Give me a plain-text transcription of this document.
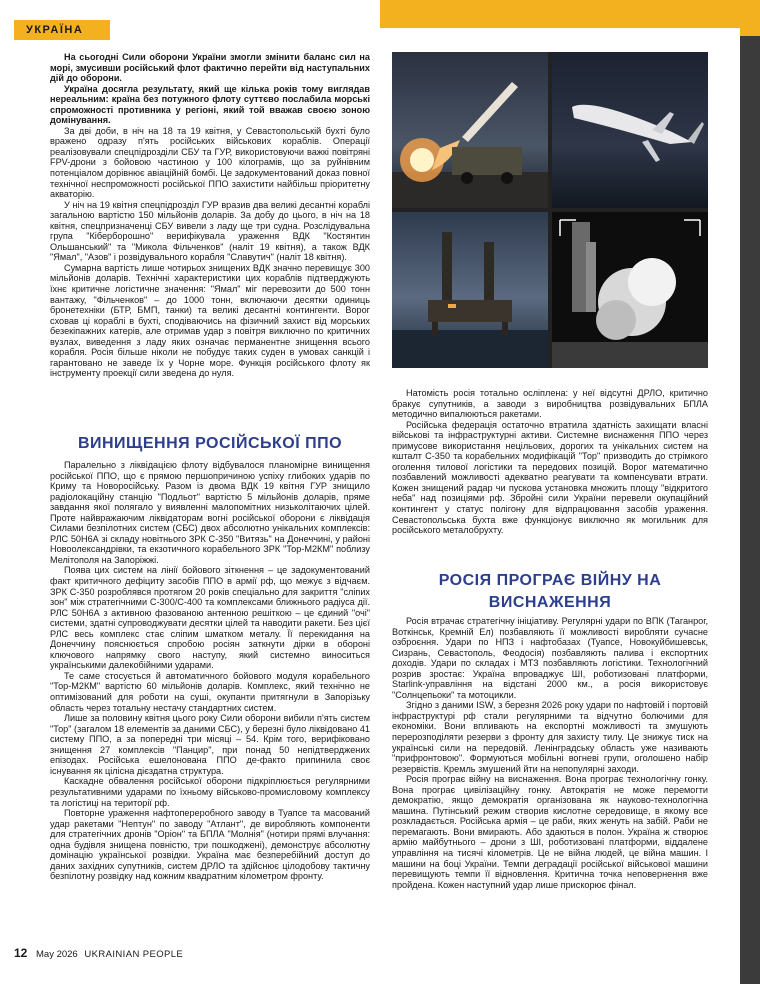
УКРАЇНА

На сьогодні Сили оборони України змогли змінити баланс сил на морі, змусивши російський флот фактично перейти від наступальних дій до оборони.

Україна досягла результату, який ще кілька років тому виглядав нереальним: країна без потужного флоту суттєво послабила морські спроможності противника у регіоні, який той вважав своєю зоною домінування.

За дві доби, в ніч на 18 та 19 квітня, у Севастопольській бухті було вражено одразу п'ять російських військових кораблів. Операції реалізовували спецпідрозділи СБУ та ГУР, використовуючи важкі повітряні FPV-дрони з бойовою частиною у 100 кілограмів, що за руйнівним потенціалом дорівнює авіаційній бомбі. Це задокументований доказ повної технічної неспроможності російської ППО захистити найбільш пріоритетну акваторію.

У ніч на 19 квітня спецпідрозділ ГУР вразив два великі десантні кораблі загальною вартістю 150 мільйонів доларів. За добу до цього, в ніч на 18 квітня, спецпризначенці СБУ вивели з ладу ще три судна. Розслідувальна група "Кіберборошно" верифікувала ураження ВДК "Костянтин Ольшанський" та "Микола Фільченков" (наліт 19 квітня), а також ВДК "Ямал", "Азов" і розвідувального корабля "Славутич" (наліт 18 квітня).

Сумарна вартість лише чотирьох знищених ВДК значно перевищує 300 мільйонів доларів. Технічні характеристики цих кораблів підтверджують їхнє критичне логістичне значення: "Ямал" міг перевозити до 500 тонн вантажу, "Фільченков" – до 1000 тонн, включаючи десятки одиниць бронетехніки (БТР, БМП, танки) та великі десантні контингенти. Ворог сховав ці кораблі в бухті, сподіваючись на фізичний захист від морських безекіпажних катерів, але отримав удар з повітря виключно по критичних вузлах, виведення з ладу яких означає перманентне знищення всього корабля. Росія більше ніколи не побудує таких суден в умовах санкцій і гарантовано не заведе їх у Чорне море. Функція російського флоту як інструменту проекції сили зведена до нуля.

ВИНИЩЕННЯ РОСІЙСЬКОЇ ППО

Паралельно з ліквідацією флоту відбувалося планомірне винищення російської ППО, що є прямою першопричиною успіху глибоких ударів по Криму та Новоросійську. Разом із двома ВДК 19 квітня ГУР знищило радіолокаційну станцію "Подльот" вартістю 5 мільйонів доларів, пряме завдання якої полягало у виявленні малопомітних низьколітаючих цілей. Проте найвражаючим ліквідаторам вогні російської оборони є ліквідація Силами безпілотних систем (СБС) двох абсолютно унікальних комплексів: РЛС 50Н6А зі складу новітнього ЗРК С-350 "Витязь" на Донеччині, у районі Новоолександрівки, та екзотичного корабельного ЗРК "Тор-М2КМ" поблизу Мелітополя на Запоріжжі.

Поява цих систем на лінії бойового зіткнення – це задокументований факт критичного дефіциту засобів ППО в армії рф, що межує з відчаєм. ЗРК С-350 розроблявся протягом 20 років спеціально для закриття "сліпих зон" між стратегічними С-300/С-400 та комплексами ближнього радіуса дії. РЛС 50Н6А з активною фазованою антенною решіткою – це єдиний "очі" системи, здатні супроводжувати десятки цілей та наводити ракети. Без цієї РЛС весь комплекс стає сліпим шматком металу. Її перекидання на Донеччину пояснюється спробою росіян заткнути дірки в обороні ключового напрямку свого наступу, який системно виноситься українськими далекобійними ударами.

Те саме стосується й автоматичного бойового модуля корабельного "Тор-М2КМ" вартістю 60 мільйонів доларів. Комплекс, який технічно не оптимізований для роботи на суші, окупанти притягнули в Запорізьку область через тотальну нестачу стандартних систем.

Лише за половину квітня цього року Сили оборони вибили п'ять систем "Тор" (загалом 18 елементів за даними СБС), у березні було ліквідовано 41 систему ППО, а за попередні три місяці – 54. Крім того, верифіковано знищення 27 комплексів "Панцир", при понад 50 непідтверджених епізодах. Російська ешелонована ППО де-факто припинила своє існування як цілісна дієздатна структура.

Каскадне обвалення російської оборони підкріплюється регулярними результативними ударами по їхньому військово-промисловому комплексу та логістиці на території рф.

Повторне ураження нафтопереробного заводу в Туапсе та масований удар ракетами "Нептун" по заводу "Атлант", де виробляють компоненти для стратегічних дронів "Оріон" та БПЛА "Молнія" (нотири прямі влучання: одна будівля знищена повністю, три пошкоджені), демонструє абсолютну домінацію української розвідки. Україна має безперебійний доступ до даних західних супутників, систем ДРЛО та здійснює цілодобову тактичну безпілотну розвідку над кожним квадратним кілометром фронту.

Натомість росія тотально осліплена: у неї відсутні ДРЛО, критично бракує супутників, а заводи з виробництва розвідувальних БПЛА методично випалюються ракетами.

Російська федерація остаточно втратила здатність захищати власні військові та інфраструктурні активи. Системне виснаження ППО через примусове використання нецільових, дорогих та унікальних систем на кшталт С-350 та корабельних модифікацій "Тор" призводить до стрімкого оголення тилової логістики та передових позицій. Ворог математично позбавлений можливості адекватно реагувати та компенсувати втрати. Кожен знищений радар чи пускова установка множить площу "відкритого неба" над позиціями рф. Збройні сили України перевели окупаційний контингент у статус полігону для відпрацювання засобів ураження. Севастопольська бухта вже функціонує виключно як могильник для російського металобрухту.

РОСІЯ ПРОГРАЄ ВІЙНУ НА ВИСНАЖЕННЯ

Росія втрачає стратегічну ініціативу. Регулярні удари по ВПК (Таганрог, Воткінськ, Кремній Ел) позбавляють її можливості виробляти сучасне озброєння. Удари по НПЗ і нафтобазах (Туапсе, Новокуйбишевськ, Сизрань, Севастополь, Феодосія) позбавляють палива і експортних доходів. Удари по складах і МТЗ позбавляють логістики. Технологічний розрив зростає: Україна впроваджує ШІ, роботизовані платформи, Starlink-управління на відстані 2000 км., а росія використовує "Солнцепьоки" та мотоцикли.

Згідно з даними ISW, з березня 2026 року удари по нафтовій і портовій інфраструктурі рф стали регулярними та відчутно болючими для економіки. Вони впливають на експортні можливості та змушують перерозподіляти резерви з фронту для захисту тилу. Це знижує тиск на українські сили на передовій. Ленінградську область уже називають "прифронтовою". Формуються мобільні вогневі групи, оголошено набір резервістів. Кремль змушений йти на непопулярні заходи.

Росія програє війну на виснаження. Вона програє технологічну гонку. Вона програє цивілізаційну гонку. Автократія не може перемогти демократію, якщо демократія організована як науково-технологічна машина. Путінський режим створив кислотне середовище, в якому все розкладається. Російська армія – це раби, яких женуть на забій. Раби не перемагають. Вони вмирають. Або здаються в полон. Україна ж створює армію майбутнього – дрони з ШІ, роботизовані платформи, віддалене управління на тисячі кілометрів. Це не війна людей, це війна машин. І машини на боці України. Темпи деградації російської військової машини перевищують темпи її відновлення. Критична точка неповернення вже пройдена. Кожен наступний удар лише прискорює фінал.

12 May 2026 UKRAINIAN PEOPLE
